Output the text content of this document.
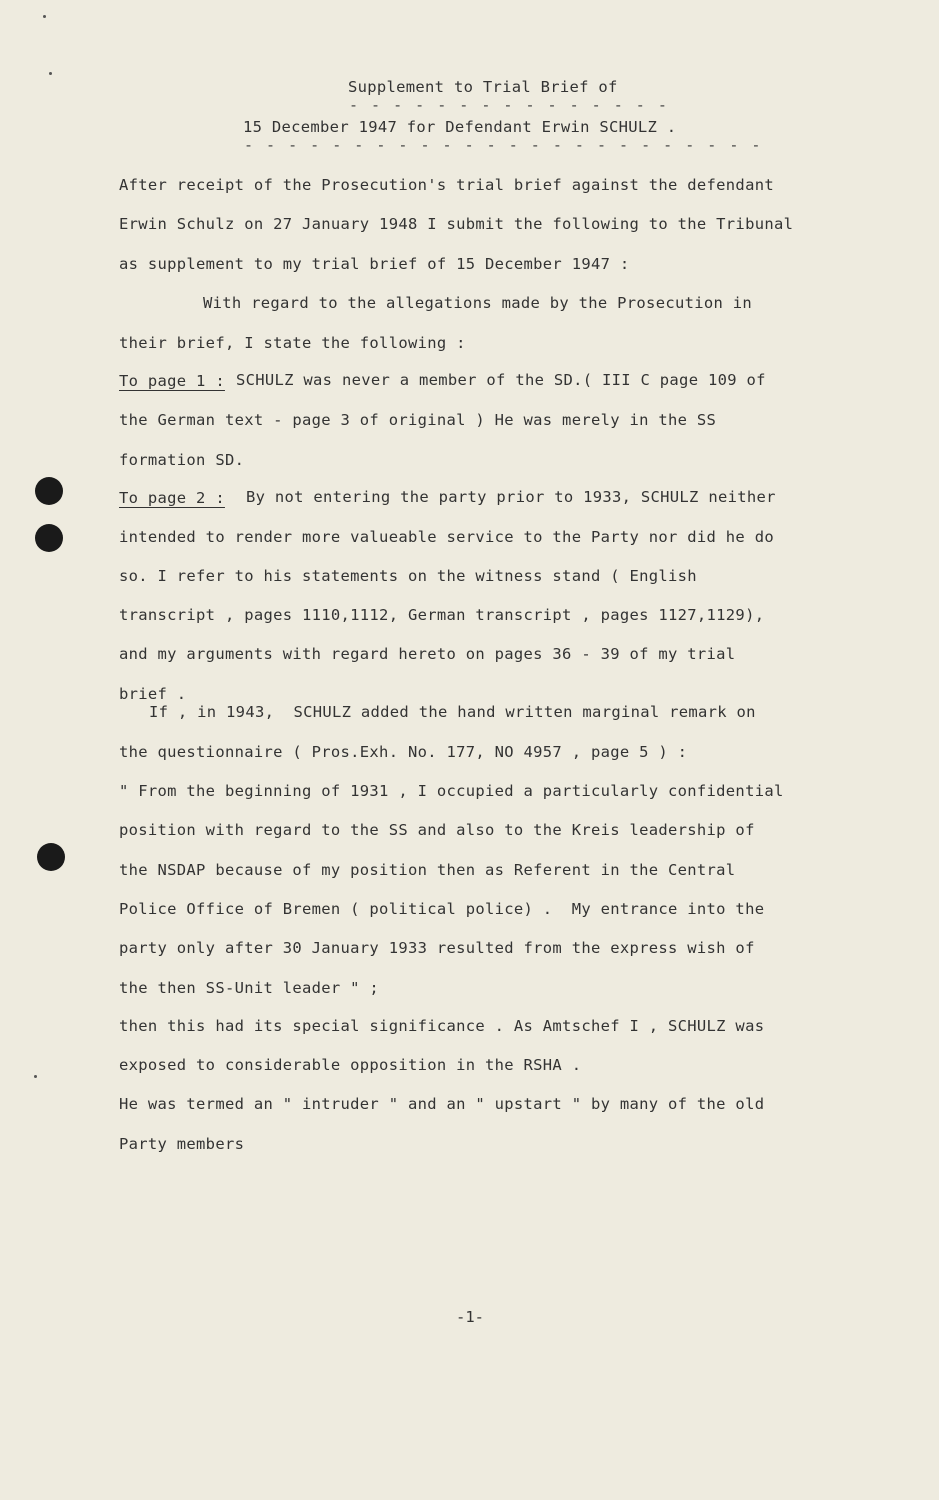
Supplement to Trial Brief of
- - - - - - - - - - - - - - -
15 December 1947 for Defendant Erwin SCHULZ .
- - - - - - - - - - - - - - - - - - - - - - - -
After receipt of the Prosecution's trial brief against the defendant
Erwin Schulz on 27 January 1948 I submit the following to the Tribunal
as supplement to my trial brief of 15 December 1947 :
With regard to the allegations made by the Prosecution in
their brief, I state the following :
To page 1 : SCHULZ was never a member of the SD.( III C page 109 of
the German text - page 3 of original ) He was merely in the SS
formation SD.
To page 2 : By not entering the party prior to 1933, SCHULZ neither
intended to render more valueable service to the Party nor did he do
so. I refer to his statements on the witness stand ( English
transcript , pages 1110,1112, German transcript , pages 1127,1129),
and my arguments with regard hereto on pages 36 - 39 of my trial
brief .
If , in 1943,  SCHULZ added the hand written marginal remark on
the questionnaire ( Pros.Exh. No. 177, NO 4957 , page 5 ) :
" From the beginning of 1931 , I occupied a particularly confidential
position with regard to the SS and also to the Kreis leadership of
the NSDAP because of my position then as Referent in the Central
Police Office of Bremen ( political police) .  My entrance into the
party only after 30 January 1933 resulted from the express wish of
the then SS-Unit leader " ;
then this had its special significance . As Amtschef I , SCHULZ was
exposed to considerable opposition in the RSHA .
He was termed an " intruder " and an " upstart " by many of the old
Party members
-1-
